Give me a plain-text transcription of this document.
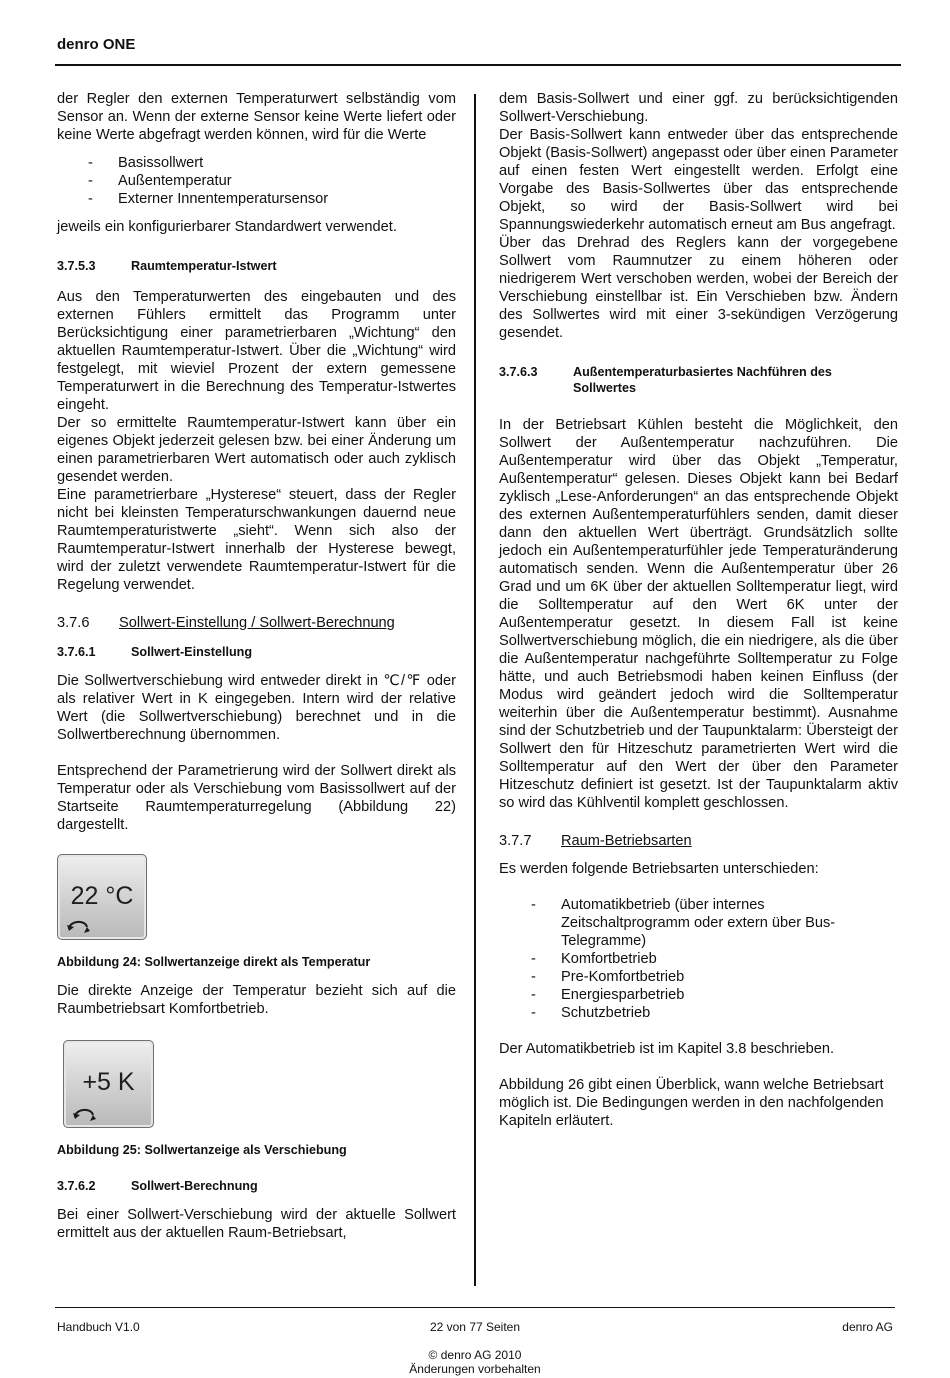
denro ONE

der Regler den externen Temperaturwert selbständig vom Sensor an. Wenn der externe Sensor keine Werte liefert oder keine Werte abgefragt werden können, wird für die Werte

- Basissollwert
- Außentemperatur
- Externer Innentemperatursensor

jeweils ein konfigurierbarer Standardwert verwendet.

3.7.5.3	Raumtemperatur-Istwert

Aus den Temperaturwerten des eingebauten und des externen Fühlers ermittelt das Programm unter Berücksichtigung einer parametrierbaren „Wichtung“ den aktuellen Raumtemperatur-Istwert. Über die „Wichtung“ wird festgelegt, mit wieviel Prozent der extern gemessene Temperaturwert in die Berechnung des Temperatur-Istwertes eingeht.

Der so ermittelte Raumtemperatur-Istwert kann über ein eigenes Objekt jederzeit gelesen bzw. bei einer Änderung um einen parametrierbaren Wert automatisch oder auch zyklisch gesendet werden.

Eine parametrierbare „Hysterese“ steuert, dass der Regler nicht bei kleinsten Temperaturschwankungen dauernd neue Raumtemperaturistwerte „sieht“. Wenn sich also der Raumtemperatur-Istwert innerhalb der Hysterese bewegt, wird der zuletzt verwendete Raumtemperatur-Istwert für die Regelung verwendet.

3.7.6	Sollwert-Einstellung / Sollwert-Berechnung
3.7.6.1	Sollwert-Einstellung

Die Sollwertverschiebung wird entweder direkt in ℃/℉ oder als relativer Wert in K eingegeben. Intern wird der relative Wert (die Sollwertverschiebung) berechnet und in die Sollwertberechnung übernommen.

Entsprechend der Parametrierung wird der Sollwert direkt als Temperatur oder als Verschiebung vom Basissollwert auf der Startseite Raumtemperaturregelung (Abbildung 22) dargestellt.

22 °C
Abbildung 24: Sollwertanzeige direkt als Temperatur

Die direkte Anzeige der Temperatur bezieht sich auf die Raumbetriebsart Komfortbetrieb.

+5 K
Abbildung 25: Sollwertanzeige als Verschiebung
3.7.6.2	Sollwert-Berechnung

Bei einer Sollwert-Verschiebung wird der aktuelle Sollwert ermittelt aus der aktuellen Raum-Betriebsart,

dem Basis-Sollwert und einer ggf. zu berücksichtigenden Sollwert-Verschiebung.

Der Basis-Sollwert kann entweder über das entsprechende Objekt (Basis-Sollwert) angepasst oder über einen Parameter auf einen festen Wert eingestellt werden. Erfolgt eine Vorgabe des Basis-Sollwertes über das entsprechende Objekt, so wird der Basis-Sollwert wird bei Spannungswiederkehr automatisch erneut am Bus angefragt.

Über das Drehrad des Reglers kann der vorgegebene Sollwert vom Raumnutzer zu einem höheren oder niedrigerem Wert verschoben werden, wobei der Bereich der Verschiebung einstellbar ist. Ein Verschieben bzw. Ändern des Sollwertes wird mit einer 3-sekündigen Verzögerung gesendet.

3.7.6.3	Außentemperaturbasiertes Nachführen des Sollwertes

In der Betriebsart Kühlen besteht die Möglichkeit, den Sollwert der Außentemperatur nachzuführen. Die Außentemperatur wird über das Objekt „Temperatur, Außentemperatur“ gelesen. Dieses Objekt kann bei Bedarf zyklisch „Lese-Anforderungen“ an das entsprechende Objekt des externen Außentemperaturfühlers senden, damit dieser dann den aktuellen Wert überträgt. Grundsätzlich sollte jedoch ein Außentemperaturfühler jede Temperaturänderung automatisch senden. Wenn die Außentemperatur über 26 Grad und um 6K über der aktuellen Solltemperatur liegt, wird die Solltemperatur auf den Wert 6K unter der Außentemperatur gesetzt. In diesem Fall ist keine Sollwertverschiebung möglich, die ein niedrigere, als die über die Außentemperatur nachgeführte Solltemperatur zu Folge hätte, und auch Betriebsmodi haben keinen Einfluss (der Modus wird geändert jedoch wird die Solltemperatur weiterhin über die Außentemperatur bestimmt). Ausnahme sind der Schutzbetrieb und der Taupunktalarm: Übersteigt der Sollwert den für Hitzeschutz parametrierten Wert wird die Solltemperatur auf den Wert der über den Parameter Hitzeschutz definiert ist gesetzt. Ist der Taupunktalarm aktiv so wird das Kühlventil komplett geschlossen.

3.7.7	Raum-Betriebsarten

Es werden folgende Betriebsarten unterschieden:

- Automatikbetrieb (über internes Zeitschaltprogramm oder extern über Bus-Telegramme)
- Komfortbetrieb
- Pre-Komfortbetrieb
- Energiesparbetrieb
- Schutzbetrieb

Der Automatikbetrieb ist im Kapitel 3.8 beschrieben.

Abbildung 26 gibt einen Überblick, wann welche Betriebsart möglich ist. Die Bedingungen werden in den nachfolgenden Kapiteln erläutert.

Handbuch V1.0	22 von 77 Seiten	denro AG
© denro AG 2010
Änderungen vorbehalten
